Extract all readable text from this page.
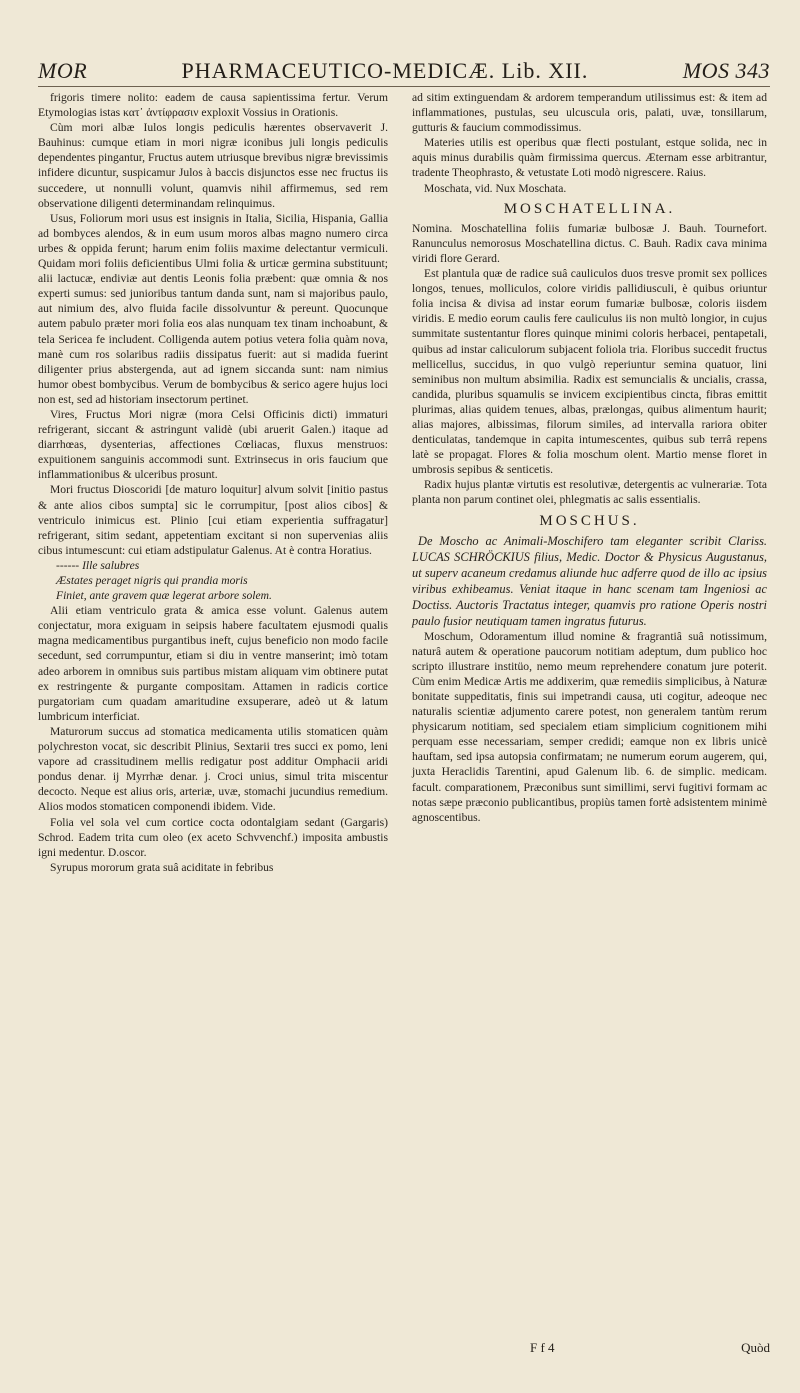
MOR	PHARMACEUTICO-MEDICÆ. Lib. XII.	MOS 343

frigoris timere nolito: eadem de causa sapientissima fertur. Verum Etymologias istas κατ᾽ ἀντίφρασιν exploxit Vossius in Orationis.

Cùm mori albæ Iulos longis pediculis hærentes observaverit J. Bauhinus: cumque etiam in mori nigræ iconibus juli longis pediculis dependentes pingantur, Fructus autem utriusque brevibus nigræ brevissimis infidere dicuntur, suspicamur Julos à baccis disjunctos esse nec fructus iis succedere, ut nonnulli volunt, quamvis nihil affirmemus, sed rem observatione diligenti determinandam relinquimus.

Usus, Foliorum mori usus est insignis in Italia, Sicilia, Hispania, Gallia ad bombyces alendos, & in eum usum moros albas magno numero circa urbes & oppida ferunt; harum enim foliis maxime delectantur vermiculi. Quidam mori foliis deficientibus Ulmi folia & urticæ germina substituunt; alii lactucæ, endiviæ aut dentis Leonis folia præbent: quæ omnia & nos experti sumus: sed junioribus tantum danda sunt, nam si majoribus paulo, aut nimium des, alvo fluida facile dissolvuntur & pereunt. Quocunque autem pabulo præter mori folia eos alas nunquam tex tinam inchoabunt, & tela Sericea fe includent. Colligenda autem potius vetera folia quàm nova, manè cum ros solaribus radiis dissipatus fuerit: aut si madida fuerint diligenter prius abstergenda, aut ad ignem siccanda sunt: nam nimius humor obest bombycibus. Verum de bombycibus & serico agere hujus loci non est, sed ad historiam insectorum pertinet.

Vires, Fructus Mori nigræ (mora Celsi Officinis dicti) immaturi refrigerant, siccant & astringunt validè (ubi aruerit Galen.) itaque ad diarrhœas, dysenterias, affectiones Cœliacas, fluxus menstruos: expuitionem sanguinis accommodi sunt. Extrinsecus in oris faucium que inflammationibus & ulceribus prosunt.

Mori fructus Dioscoridi [de maturo loquitur] alvum solvit [initio pastus & ante alios cibos sumpta] sic le corrumpitur, [post alios cibos] & ventriculo inimicus est. Plinio [cui etiam experientia suffragatur] refrigerant, sitim sedant, appetentiam excitant si non supervenias aliis cibus intumescunt: cui etiam adstipulatur Galenus. At è contra Horatius.

------ Ille salubres

Æstates peraget nigris qui prandia moris

Finiet, ante gravem quæ legerat arbore solem.

Alii etiam ventriculo grata & amica esse volunt. Galenus autem conjectatur, mora exiguam in seipsis habere facultatem ejusmodi qualis magna medicamentibus purgantibus ineft, cujus beneficio non modo facile secedunt, sed corrumpuntur, etiam si diu in ventre manserint; imò totam adeo arborem in omnibus suis partibus mistam aliquam vim obtinere putat ex restringente & purgante compositam. Attamen in radicis cortice purgatoriam cum quadam amaritudine exsuperare, adeò ut & latum lumbricum interficiat.

Maturorum succus ad stomatica medicamenta utilis stomaticen quàm polychreston vocat, sic describit Plinius, Sextarii tres succi ex pomo, leni vapore ad crassitudinem mellis redigatur post additur Omphacii aridi pondus denar. ij Myrrhæ denar. j. Croci unius, simul trita miscentur decocto. Neque est alius oris, arteriæ, uvæ, stomachi jucundius remedium. Alios modos stomaticen componendi ibidem. Vide.

Folia vel sola vel cum cortice cocta odontalgiam sedant (Gargaris) Schrod. Eadem trita cum oleo (ex aceto Schvvenchf.) imposita ambustis igni medentur. D.oscor.

Syrupus mororum grata suâ aciditate in febribus

ad sitim extinguendam & ardorem temperandum utilissimus est: & item ad inflammationes, pustulas, seu ulcuscula oris, palati, uvæ, tonsillarum, gutturis & faucium commodissimus.

Materies utilis est operibus quæ flecti postulant, estque solida, nec in aquis minus durabilis quàm firmissima quercus. Æternam esse arbitrantur, tradente Theophrasto, & vetustate Loti modò nigrescere. Raius.

Moschata, vid. Nux Moschata.

MOSCHATELLINA.

Nomina. Moschatellina foliis fumariæ bulbosæ J. Bauh. Tournefort. Ranunculus nemorosus Moschatellina dictus. C. Bauh. Radix cava minima viridi flore Gerard.

Est plantula quæ de radice suâ cauliculos duos tresve promit sex pollices longos, tenues, molliculos, colore viridis pallidiusculi, è quibus oriuntur folia incisa & divisa ad instar eorum fumariæ bulbosæ, coloris iisdem viridis. E medio eorum caulis fere cauliculus iis non multò longior, in cujus summitate sustentantur flores quinque minimi coloris herbacei, pentapetali, quibus ad instar caliculorum subjacent foliola tria. Floribus succedit fructus mellicellus, succidus, in quo vulgò reperiuntur semina quatuor, lini seminibus non multum absimilia. Radix est semuncialis & uncialis, crassa, candida, pluribus squamulis se invicem excipientibus cincta, fibras emittit plurimas, alias quidem tenues, albas, prælongas, quibus alimentum haurit; alias majores, albissimas, filorum similes, ad intervalla rariora obiter denticulatas, tandemque in capita intumescentes, quibus sub terrâ repens latè se propagat. Flores & folia moschum olent. Martio mense floret in umbrosis sepibus & senticetis.

Radix hujus plantæ virtutis est resolutivæ, detergentis ac vulnerariæ. Tota planta non parum continet olei, phlegmatis ac salis essentialis.

MOSCHUS.

De Moscho ac Animali-Moschifero tam eleganter scribit Clariss. LUCAS SCHRÖCKIUS filius, Medic. Doctor & Physicus Augustanus, ut superv acaneum credamus aliunde huc adferre quod de illo ac ipsius viribus exhibeamus. Veniat itaque in hanc scenam tam Ingeniosi ac Doctiss. Auctoris Tractatus integer, quamvis pro ratione Operis nostri paulo fusior neutiquam tamen ingratus futurus.

Moschum, Odoramentum illud nomine & fragrantiâ suâ notissimum, naturâ autem & operatione paucorum notitiam adeptum, dum publico hoc scripto illustrare institüo, nemo meum reprehendere conatum jure poterit. Cùm enim Medicæ Artis me addixerim, quæ remediis simplicibus, à Naturæ bonitate suppeditatis, finis sui impetrandi causa, uti cogitur, adeoque nec naturalis scientiæ adjumento carere potest, non generalem tantùm rerum physicarum notitiam, sed specialem etiam simplicium cognitionem mihi perquam esse necessariam, semper credidi; eamque non ex libris unicè hauftam, sed ipsa autopsia confirmatam; ne numerum eorum augerem, qui, juxta Heraclidis Tarentini, apud Galenum lib. 6. de simplic. medicam. facult. comparationem, Præconibus sunt simillimi, servi fugitivi formam ac notas sæpe præconio publicantibus, propiùs tamen fortè adsistentem minimè agnoscentibus.

F f 4	Quòd
